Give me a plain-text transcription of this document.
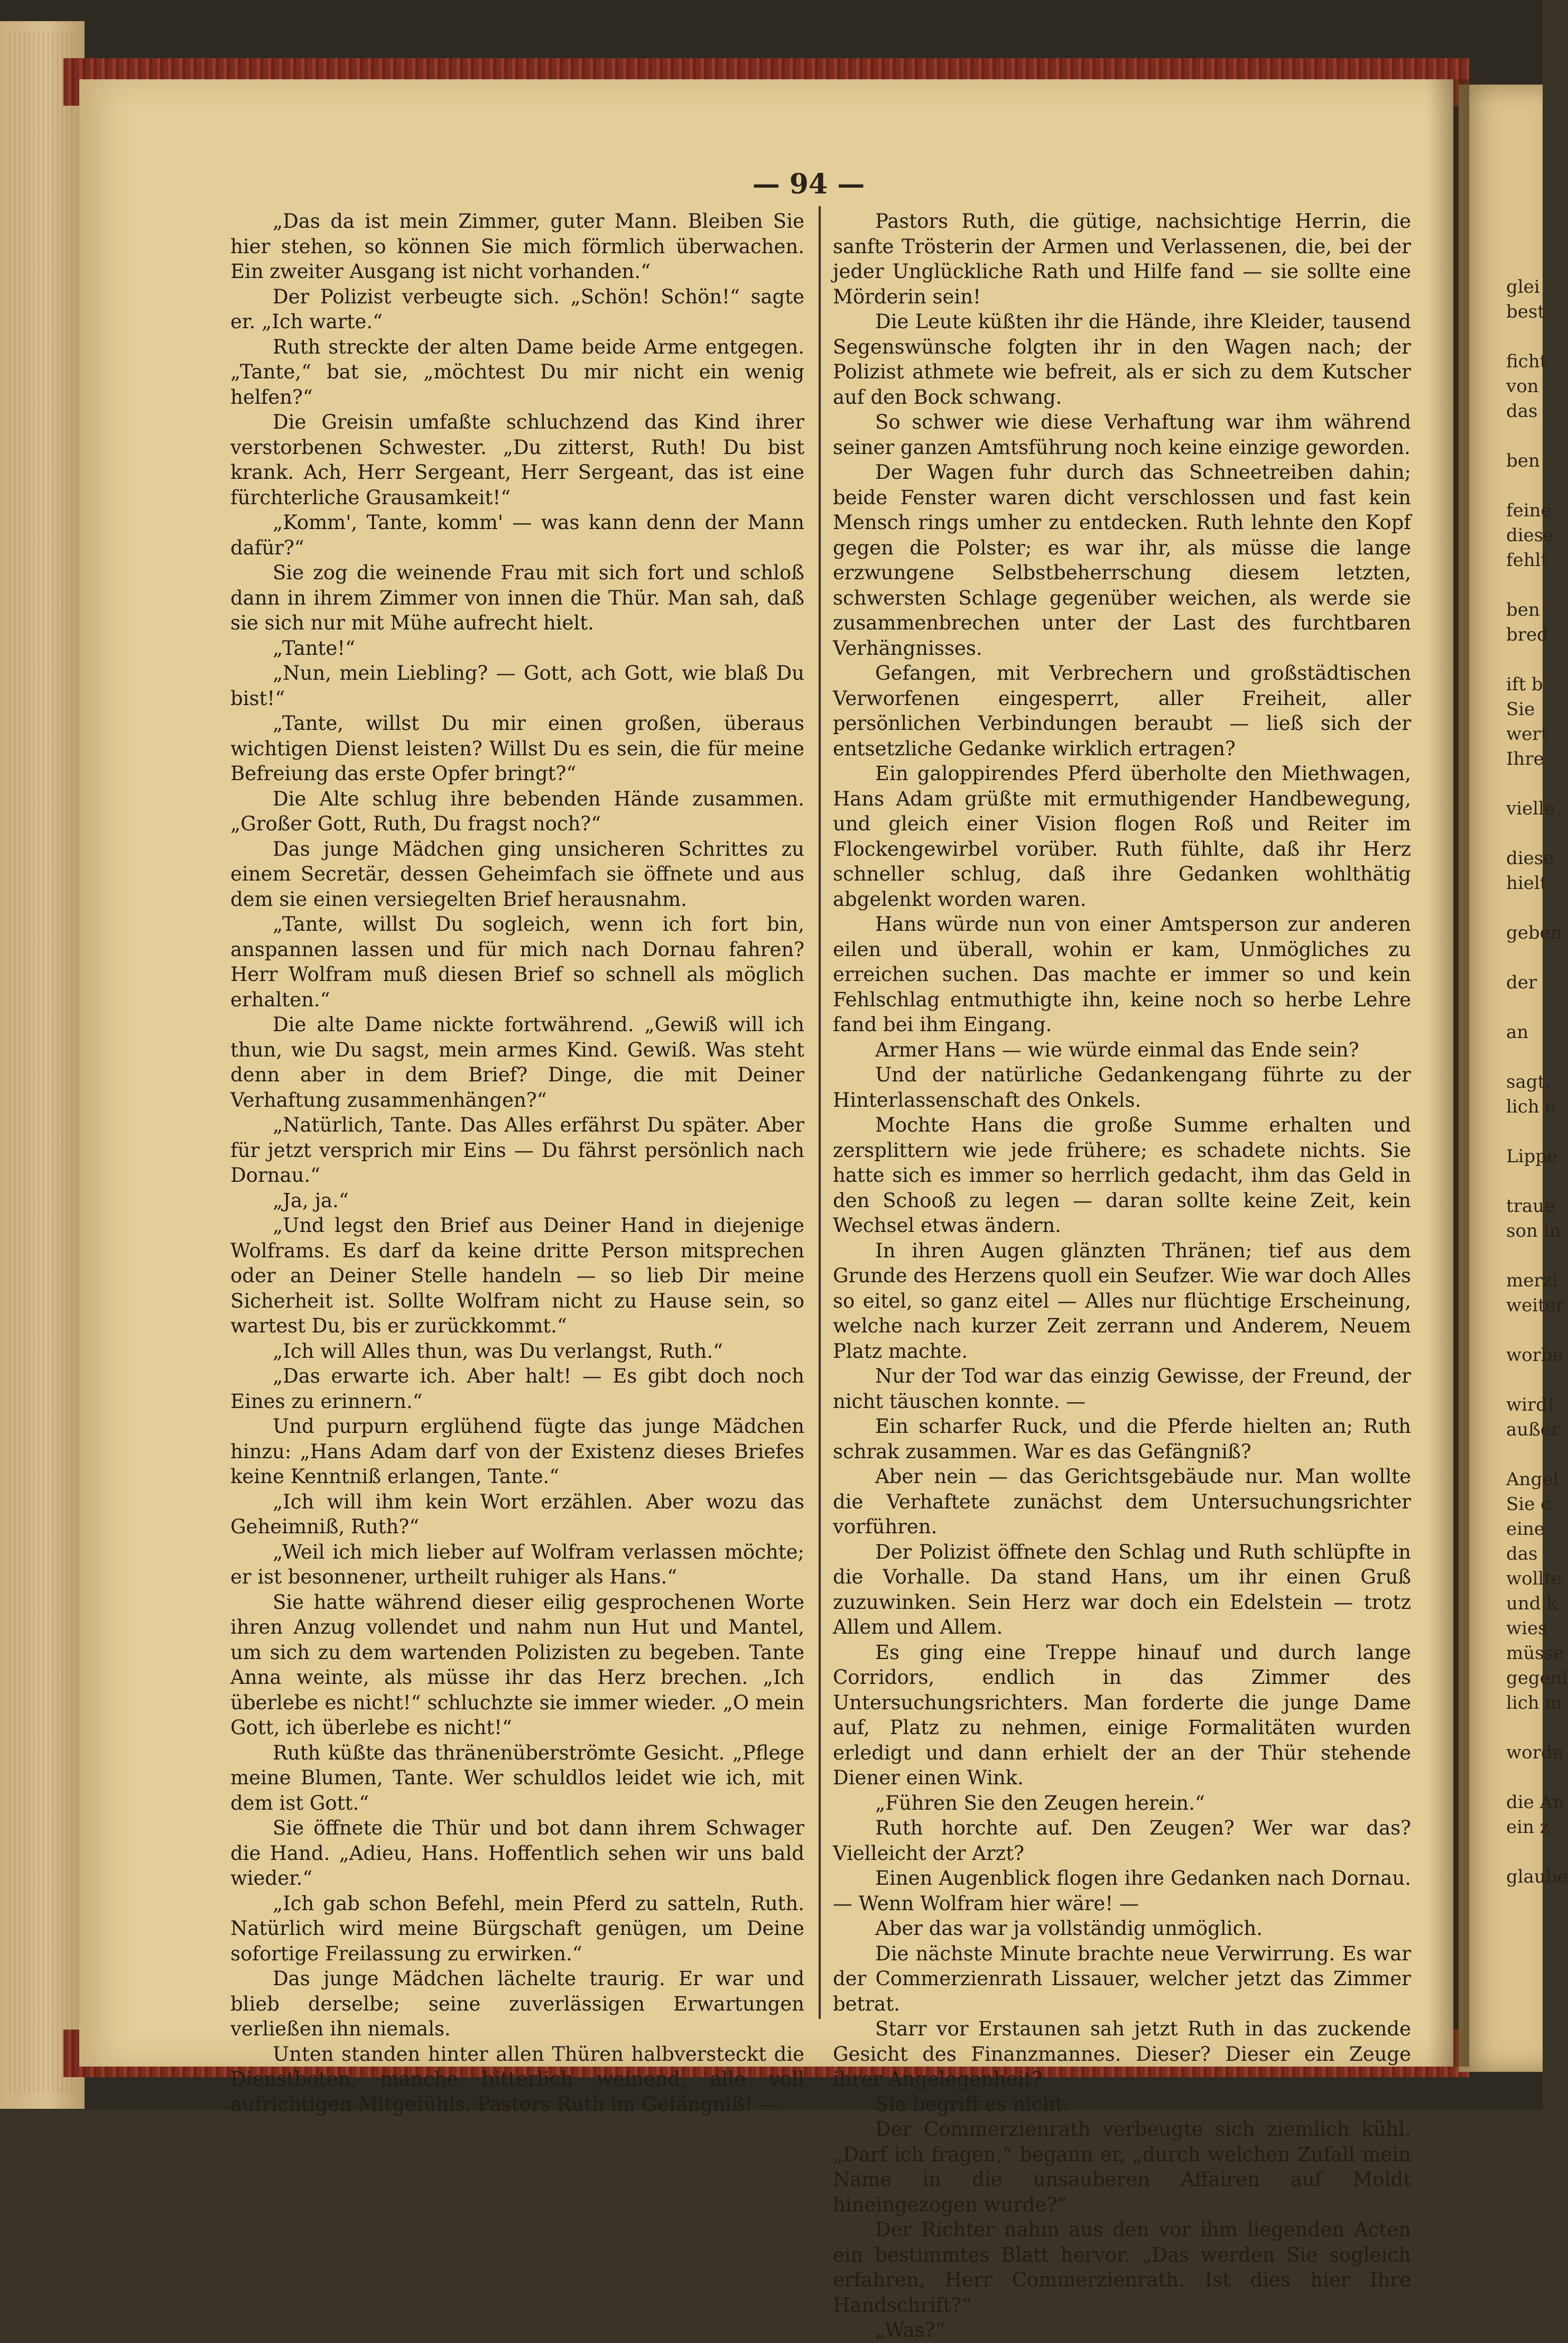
— 94 —

„Das da ist mein Zimmer, guter Mann. Bleiben Sie hier stehen, so können Sie mich förmlich überwachen. Ein zweiter Ausgang ist nicht vorhanden.“

Der Polizist verbeugte sich. „Schön! Schön!“ sagte er. „Ich warte.“

Ruth streckte der alten Dame beide Arme entgegen. „Tante,“ bat sie, „möchtest Du mir nicht ein wenig helfen?“

Die Greisin umfaßte schluchzend das Kind ihrer verstorbenen Schwester. „Du zitterst, Ruth! Du bist krank. Ach, Herr Sergeant, Herr Sergeant, das ist eine fürchterliche Grausamkeit!“

„Komm', Tante, komm' — was kann denn der Mann dafür?“

Sie zog die weinende Frau mit sich fort und schloß dann in ihrem Zimmer von innen die Thür. Man sah, daß sie sich nur mit Mühe aufrecht hielt.

„Tante!“

„Nun, mein Liebling? — Gott, ach Gott, wie blaß Du bist!“

„Tante, willst Du mir einen großen, überaus wichtigen Dienst leisten? Willst Du es sein, die für meine Befreiung das erste Opfer bringt?“

Die Alte schlug ihre bebenden Hände zusammen. „Großer Gott, Ruth, Du fragst noch?“

Das junge Mädchen ging unsicheren Schrittes zu einem Secretär, dessen Geheimfach sie öffnete und aus dem sie einen versiegelten Brief herausnahm.

„Tante, willst Du sogleich, wenn ich fort bin, anspannen lassen und für mich nach Dornau fahren? Herr Wolfram muß diesen Brief so schnell als möglich erhalten.“

Die alte Dame nickte fortwährend. „Gewiß will ich thun, wie Du sagst, mein armes Kind. Gewiß. Was steht denn aber in dem Brief? Dinge, die mit Deiner Verhaftung zusammenhängen?“

„Natürlich, Tante. Das Alles erfährst Du später. Aber für jetzt versprich mir Eins — Du fährst persönlich nach Dornau.“

„Ja, ja.“

„Und legst den Brief aus Deiner Hand in diejenige Wolframs. Es darf da keine dritte Person mitsprechen oder an Deiner Stelle handeln — so lieb Dir meine Sicherheit ist. Sollte Wolfram nicht zu Hause sein, so wartest Du, bis er zurückkommt.“

„Ich will Alles thun, was Du verlangst, Ruth.“

„Das erwarte ich. Aber halt! — Es gibt doch noch Eines zu erinnern.“

Und purpurn erglühend fügte das junge Mädchen hinzu: „Hans Adam darf von der Existenz dieses Briefes keine Kenntniß erlangen, Tante.“

„Ich will ihm kein Wort erzählen. Aber wozu das Geheimniß, Ruth?“

„Weil ich mich lieber auf Wolfram verlassen möchte; er ist besonnener, urtheilt ruhiger als Hans.“

Sie hatte während dieser eilig gesprochenen Worte ihren Anzug vollendet und nahm nun Hut und Mantel, um sich zu dem wartenden Polizisten zu begeben. Tante Anna weinte, als müsse ihr das Herz brechen. „Ich überlebe es nicht!“ schluchzte sie immer wieder. „O mein Gott, ich überlebe es nicht!“

Ruth küßte das thränenüberströmte Gesicht. „Pflege meine Blumen, Tante. Wer schuldlos leidet wie ich, mit dem ist Gott.“

Sie öffnete die Thür und bot dann ihrem Schwager die Hand. „Adieu, Hans. Hoffentlich sehen wir uns bald wieder.“

„Ich gab schon Befehl, mein Pferd zu satteln, Ruth. Natürlich wird meine Bürgschaft genügen, um Deine sofortige Freilassung zu erwirken.“

Das junge Mädchen lächelte traurig. Er war und blieb derselbe; seine zuverlässigen Erwartungen verließen ihn niemals.

Unten standen hinter allen Thüren halbversteckt die Dienstboten, manche bitterlich weinend, alle voll aufrichtigen Mitgefühls. Pastors Ruth im Gefängniß! —

Pastors Ruth, die gütige, nachsichtige Herrin, die sanfte Trösterin der Armen und Verlassenen, die, bei der jeder Unglückliche Rath und Hilfe fand — sie sollte eine Mörderin sein!

Die Leute küßten ihr die Hände, ihre Kleider, tausend Segenswünsche folgten ihr in den Wagen nach; der Polizist athmete wie befreit, als er sich zu dem Kutscher auf den Bock schwang.

So schwer wie diese Verhaftung war ihm während seiner ganzen Amtsführung noch keine einzige geworden.

Der Wagen fuhr durch das Schneetreiben dahin; beide Fenster waren dicht verschlossen und fast kein Mensch rings umher zu entdecken. Ruth lehnte den Kopf gegen die Polster; es war ihr, als müsse die lange erzwungene Selbstbeherrschung diesem letzten, schwersten Schlage gegenüber weichen, als werde sie zusammenbrechen unter der Last des furchtbaren Verhängnisses.

Gefangen, mit Verbrechern und großstädtischen Verworfenen eingesperrt, aller Freiheit, aller persönlichen Verbindungen beraubt — ließ sich der entsetzliche Gedanke wirklich ertragen?

Ein galoppirendes Pferd überholte den Miethwagen, Hans Adam grüßte mit ermuthigender Handbewegung, und gleich einer Vision flogen Roß und Reiter im Flockengewirbel vorüber. Ruth fühlte, daß ihr Herz schneller schlug, daß ihre Gedanken wohlthätig abgelenkt worden waren.

Hans würde nun von einer Amtsperson zur anderen eilen und überall, wohin er kam, Unmögliches zu erreichen suchen. Das machte er immer so und kein Fehlschlag entmuthigte ihn, keine noch so herbe Lehre fand bei ihm Eingang.

Armer Hans — wie würde einmal das Ende sein?

Und der natürliche Gedankengang führte zu der Hinterlassenschaft des Onkels.

Mochte Hans die große Summe erhalten und zersplittern wie jede frühere; es schadete nichts. Sie hatte sich es immer so herrlich gedacht, ihm das Geld in den Schooß zu legen — daran sollte keine Zeit, kein Wechsel etwas ändern.

In ihren Augen glänzten Thränen; tief aus dem Grunde des Herzens quoll ein Seufzer. Wie war doch Alles so eitel, so ganz eitel — Alles nur flüchtige Erscheinung, welche nach kurzer Zeit zerrann und Anderem, Neuem Platz machte.

Nur der Tod war das einzig Gewisse, der Freund, der nicht täuschen konnte. —

Ein scharfer Ruck, und die Pferde hielten an; Ruth schrak zusammen. War es das Gefängniß?

Aber nein — das Gerichtsgebäude nur. Man wollte die Verhaftete zunächst dem Untersuchungsrichter vorführen.

Der Polizist öffnete den Schlag und Ruth schlüpfte in die Vorhalle. Da stand Hans, um ihr einen Gruß zuzuwinken. Sein Herz war doch ein Edelstein — trotz Allem und Allem.

Es ging eine Treppe hinauf und durch lange Corridors, endlich in das Zimmer des Untersuchungsrichters. Man forderte die junge Dame auf, Platz zu nehmen, einige Formalitäten wurden erledigt und dann erhielt der an der Thür stehende Diener einen Wink.

„Führen Sie den Zeugen herein.“

Ruth horchte auf. Den Zeugen? Wer war das? Vielleicht der Arzt?

Einen Augenblick flogen ihre Gedanken nach Dornau. — Wenn Wolfram hier wäre! —

Aber das war ja vollständig unmöglich.

Die nächste Minute brachte neue Verwirrung. Es war der Commerzienrath Lissauer, welcher jetzt das Zimmer betrat.

Starr vor Erstaunen sah jetzt Ruth in das zuckende Gesicht des Finanzmannes. Dieser? Dieser ein Zeuge ihrer Angelegenheit?

Sie begriff es nicht.

Der Commerzienrath verbeugte sich ziemlich kühl. „Darf ich fragen,“ begann er, „durch welchen Zufall mein Name in die unsauberen Affairen auf Moldt hineingezogen wurde?“

Der Richter nahm aus den vor ihm liegenden Acten ein bestimmtes Blatt hervor. „Das werden Sie sogleich erfahren, Herr Commerzienrath. Ist dies hier Ihre Handschrift?“

„Was?“

glei
best

ficht
von
das

ben

feine
diese
fehlt

ben
bred

ift b
Sie
wert
Ihre

vielle

diese
hielt

geben

der

an

sagt.
lich e

Lippe

traue
son in

merzi
weiter

worbe

wird!
außer

Angel
Sie c
eine
das
wollte
und k
wies
müsse
gegeni
lich m

worde

die An
ein z

glaube
